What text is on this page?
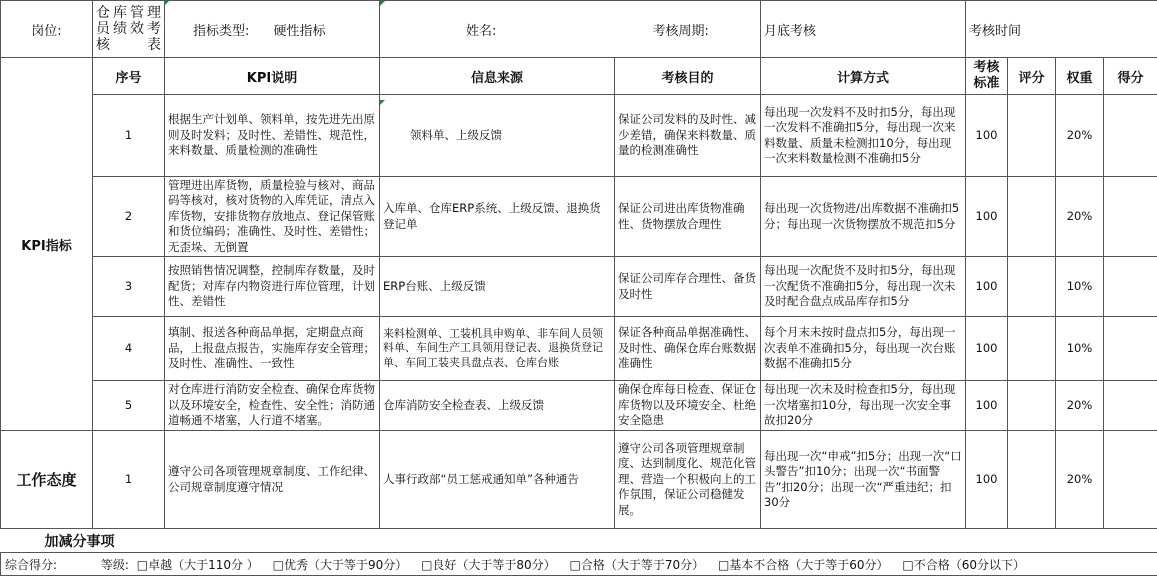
岗位:	仓库管理员绩效考核表	指标类型: 硬性指标	姓名:	考核周期:	月底考核	考核时间			
KPI指标	序号	KPI说明	信息来源	考核目的	计算方式	考核标准	评分	权重	得分
	1	根据生产计划单、领料单，按先进先出原则及时发料；及时性、差错性、规范性，来料数量、质量检测的准确性	领料单、上级反馈	保证公司发料的及时性、减少差错，确保来料数量、质量的检测准确性	每出现一次发料不及时扣5分，每出现一次发料不准确扣5分，每出现一次来料数量、质量未检测扣10分，每出现一次来料数量检测不准确扣5分	100		20%	
	2	管理进出库货物，质量检验与核对、商品码等核对，核对货物的入库凭证，清点入库货物，安排货物存放地点、登记保管账和货位编码；准确性、及时性、差错性；无歪垛、无倒置	入库单、仓库ERP系统、上级反馈、退换货登记单	保证公司进出库货物准确性、货物摆放合理性	每出现一次货物进/出库数据不准确扣5分；每出现一次货物摆放不规范扣5分	100		20%	
	3	按照销售情况调整，控制库存数量，及时配货；对库存内物资进行库位管理，计划性、差错性	ERP台账、上级反馈	保证公司库存合理性、备货及时性	每出现一次配货不及时扣5分，每出现一次配货不准确扣5分，每出现一次未及时配合盘点成品库存扣5分	100		10%	
	4	填制、报送各种商品单据，定期盘点商品，上报盘点报告，实施库存安全管理；及时性、准确性、一致性	来料检测单、工装机具申购单、非车间人员领料单、车间生产工具领用登记表、退换货登记单、车间工装夹具盘点表、仓库台账	保证各种商品单据准确性、及时性、确保仓库台账数据准确性	每个月末未按时盘点扣5分，每出现一次表单不准确扣5分，每出现一次台账数据不准确扣5分	100		10%	
	5	对仓库进行消防安全检查、确保仓库货物以及环境安全，检查性、安全性；消防通道畅通不堵塞，人行道不堵塞。	仓库消防安全检查表、上级反馈	确保仓库每日检查、保证仓库货物以及环境安全、杜绝安全隐患	每出现一次未及时检查扣5分，每出现一次堵塞扣10分，每出现一次安全事故扣20分	100		20%	
工作态度	1	遵守公司各项管理规章制度、工作纪律、公司规章制度遵守情况	人事行政部“员工惩戒通知单”各种通告	遵守公司各项管理规章制度、达到制度化、规范化管理、营造一个积极向上的工作氛围，保证公司稳健发展。	每出现一次“申戒”扣5分；出现一次“口头警告”扣10分；出现一次“书面警告”扣20分；出现一次“严重违纪；扣30分	100		20%	
加减分事项									
综合得分: 等级: □卓越（大于110分 ） □优秀（大于等于90分） □良好（大于等于80分） □合格（大于等于70分） □基本不合格（大于等于60分） □不合格（60分以下）									
